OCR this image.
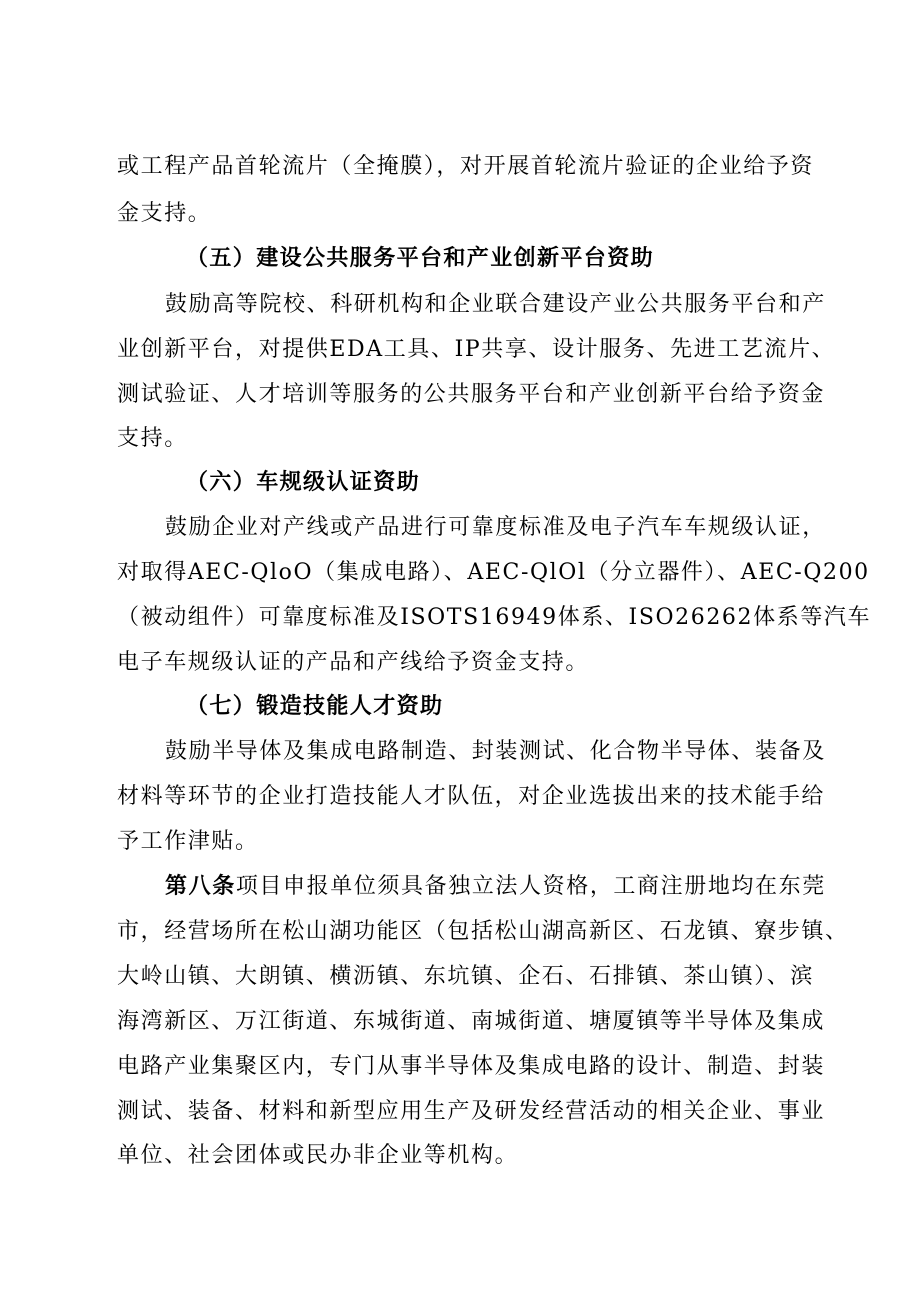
或工程产品首轮流片（全掩膜），对开展首轮流片验证的企业给予资
金支持。
（五）建设公共服务平台和产业创新平台资助
鼓励高等院校、科研机构和企业联合建设产业公共服务平台和产
业创新平台，对提供EDA工具、IP共享、设计服务、先进工艺流片、
测试验证、人才培训等服务的公共服务平台和产业创新平台给予资金
支持。
（六）车规级认证资助
鼓励企业对产线或产品进行可靠度标准及电子汽车车规级认证，
对取得AEC-QloO（集成电路）、AEC-QlOl（分立器件）、AEC-Q200
（被动组件）可靠度标准及ISOTS16949体系、ISO26262体系等汽车
电子车规级认证的产品和产线给予资金支持。
（七）锻造技能人才资助
鼓励半导体及集成电路制造、封装测试、化合物半导体、装备及
材料等环节的企业打造技能人才队伍，对企业选拔出来的技术能手给
予工作津贴。
第八条项目申报单位须具备独立法人资格，工商注册地均在东莞
市，经营场所在松山湖功能区（包括松山湖高新区、石龙镇、寮步镇、
大岭山镇、大朗镇、横沥镇、东坑镇、企石、石排镇、茶山镇）、滨
海湾新区、万江街道、东城街道、南城街道、塘厦镇等半导体及集成
电路产业集聚区内，专门从事半导体及集成电路的设计、制造、封装
测试、装备、材料和新型应用生产及研发经营活动的相关企业、事业
单位、社会团体或民办非企业等机构。
